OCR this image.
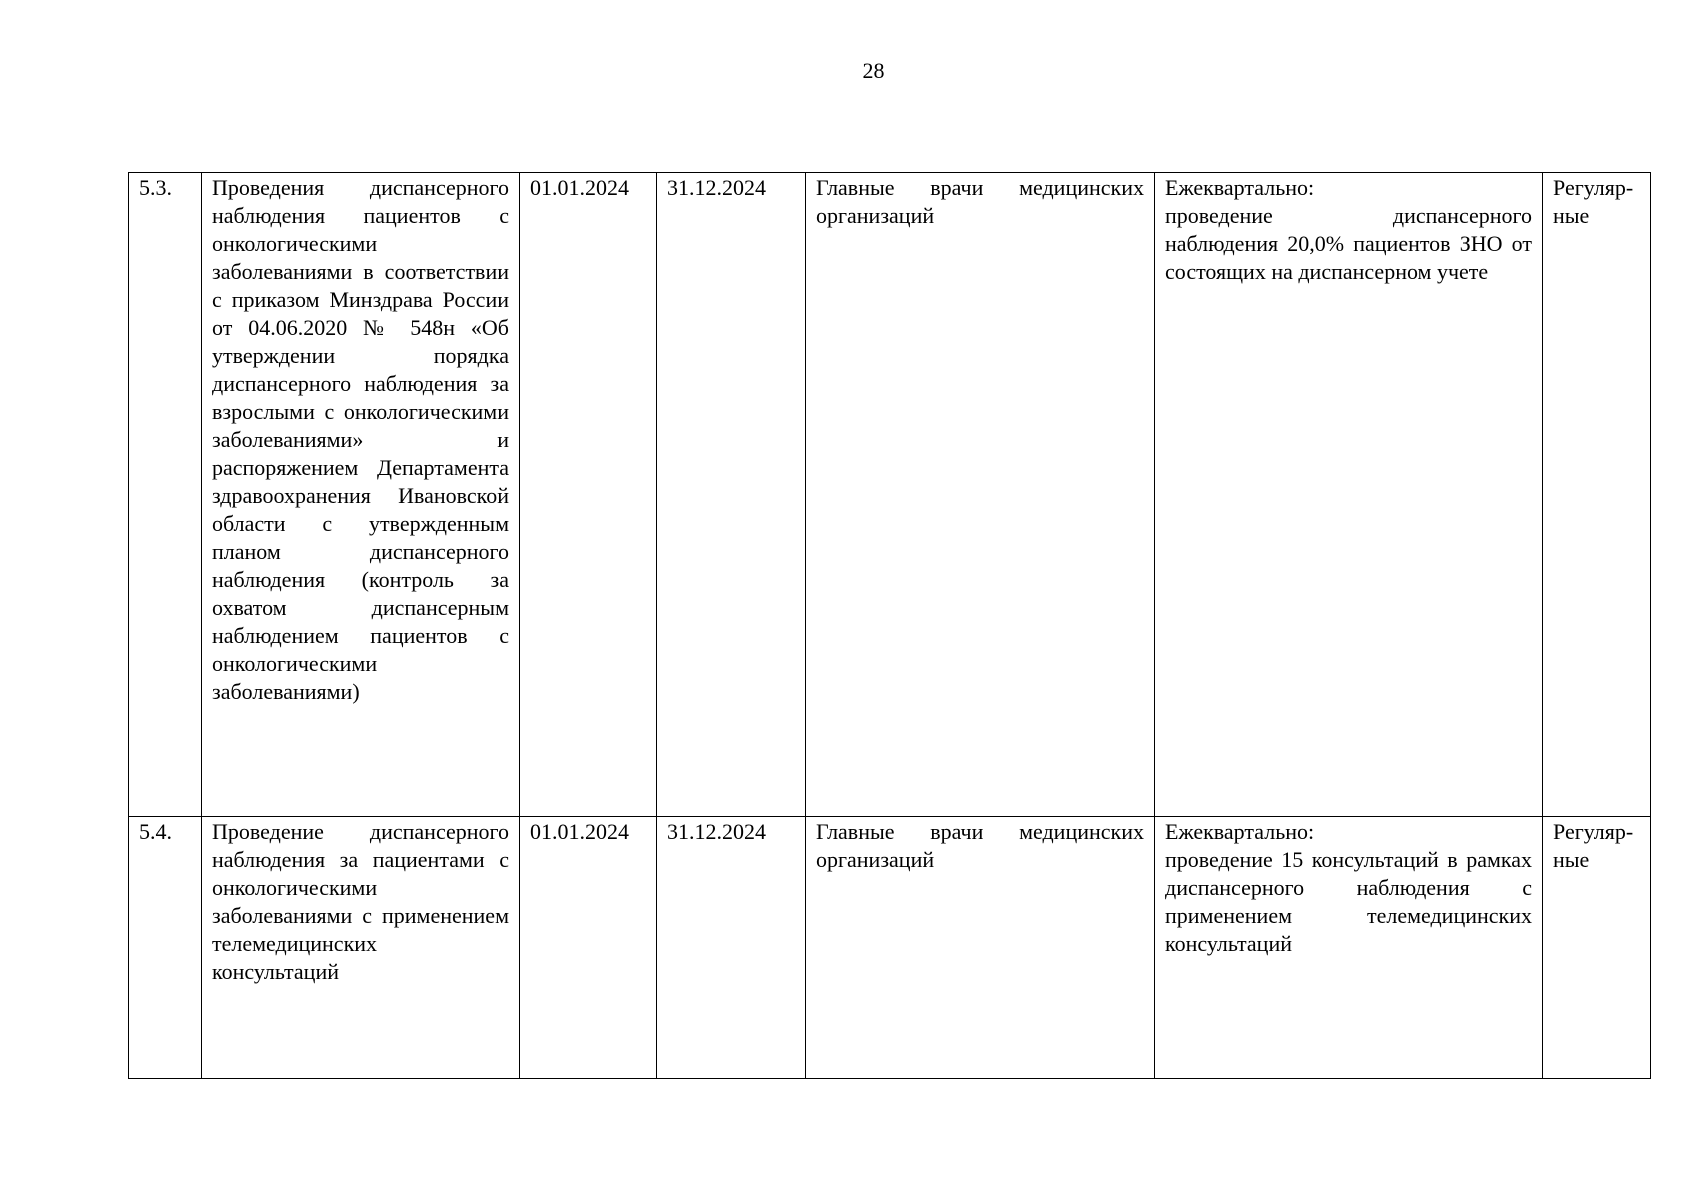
28
5.3.	Проведения диспансерного наблюдения пациентов с онкологическими заболеваниями в соответствии с приказом Минздрава России от 04.06.2020 № 548н «Об утверждении порядка диспансерного наблюдения за взрослыми с онкологическими заболеваниями» и распоряжением Департамента здравоохранения Ивановской области с утвержденным планом диспансерного наблюдения (контроль за охватом диспансерным наблюдением пациентов с онкологическими заболеваниями)	01.01.2024	31.12.2024	Главные врачи медицинских организаций	Ежеквартально:
проведение диспансерного наблюдения 20,0% пациентов ЗНО от состоящих на диспансерном учете	Регуляр-ные
5.4.	Проведение диспансерного наблюдения за пациентами с онкологическими заболеваниями с применением телемедицинских консультаций	01.01.2024	31.12.2024	Главные врачи медицинских организаций	Ежеквартально:
проведение 15 консультаций в рамках диспансерного наблюдения с применением телемедицинских консультаций	Регуляр-ные
